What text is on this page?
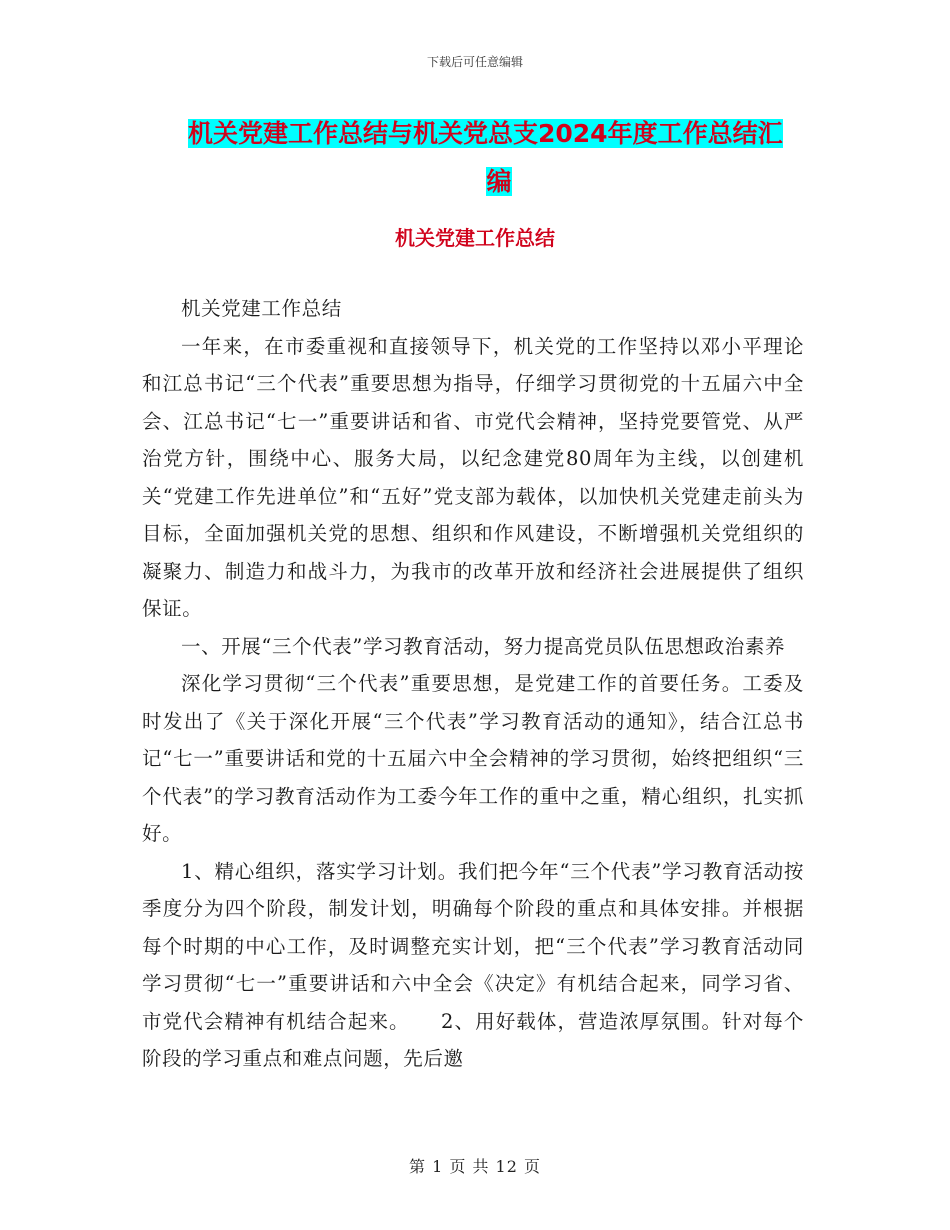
下载后可任意编辑
机关党建工作总结与机关党总支2024年度工作总结汇
编
机关党建工作总结

机关党建工作总结

一年来，在市委重视和直接领导下，机关党的工作坚持以邓小平理论和江总书记“三个代表”重要思想为指导，仔细学习贯彻党的十五届六中全会、江总书记“七一”重要讲话和省、市党代会精神，坚持党要管党、从严治党方针，围绕中心、服务大局，以纪念建党80周年为主线，以创建机关“党建工作先进单位”和“五好”党支部为载体，以加快机关党建走前头为目标，全面加强机关党的思想、组织和作风建设，不断增强机关党组织的凝聚力、制造力和战斗力，为我市的改革开放和经济社会进展提供了组织保证。

一、开展“三个代表”学习教育活动，努力提高党员队伍思想政治素养

深化学习贯彻“三个代表”重要思想，是党建工作的首要任务。工委及时发出了《关于深化开展“三个代表”学习教育活动的通知》，结合江总书记“七一”重要讲话和党的十五届六中全会精神的学习贯彻，始终把组织“三个代表”的学习教育活动作为工委今年工作的重中之重，精心组织，扎实抓好。

1、精心组织，落实学习计划。我们把今年“三个代表”学习教育活动按季度分为四个阶段，制发计划，明确每个阶段的重点和具体安排。并根据每个时期的中心工作，及时调整充实计划，把“三个代表”学习教育活动同学习贯彻“七一”重要讲话和六中全会《决定》有机结合起来，同学习省、市党代会精神有机结合起来。　　2、用好载体，营造浓厚氛围。针对每个阶段的学习重点和难点问题，先后邀

第 1 页 共 12 页
